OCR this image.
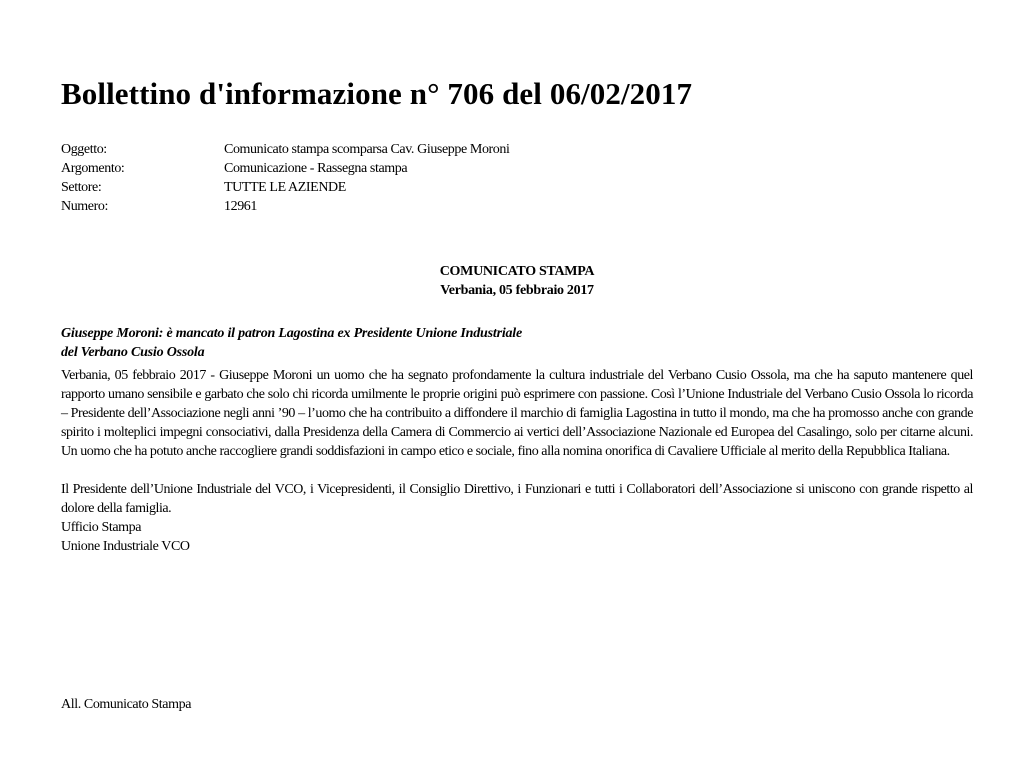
Bollettino d'informazione n° 706 del 06/02/2017
Oggetto:	Comunicato stampa scomparsa Cav. Giuseppe Moroni
Argomento:	Comunicazione - Rassegna stampa
Settore:	TUTTE LE AZIENDE
Numero:	12961
COMUNICATO STAMPA
Verbania, 05 febbraio 2017
Giuseppe Moroni: è mancato il patron Lagostina ex Presidente Unione Industriale
del Verbano Cusio Ossola

Verbania, 05 febbraio 2017 - Giuseppe Moroni un uomo che ha segnato profondamente la cultura industriale del Verbano Cusio Ossola, ma che ha saputo mantenere quel rapporto umano sensibile e garbato che solo chi ricorda umilmente le proprie origini può esprimere con passione. Così l’Unione Industriale del Verbano Cusio Ossola lo ricorda – Presidente dell’Associazione negli anni ’90 – l’uomo che ha contribuito a diffondere il marchio di famiglia Lagostina in tutto il mondo, ma che ha promosso anche con grande spirito i molteplici impegni consociativi, dalla Presidenza della Camera di Commercio ai vertici dell’Associazione Nazionale ed Europea del Casalingo, solo per citarne alcuni. Un uomo che ha potuto anche raccogliere grandi soddisfazioni in campo etico e sociale, fino alla nomina onorifica di Cavaliere Ufficiale al merito della Repubblica Italiana.

Il Presidente dell’Unione Industriale del VCO, i Vicepresidenti, il Consiglio Direttivo, i Funzionari e tutti i Collaboratori dell’Associazione si uniscono con grande rispetto al dolore della famiglia.

Ufficio Stampa
Unione Industriale VCO
All. Comunicato Stampa
